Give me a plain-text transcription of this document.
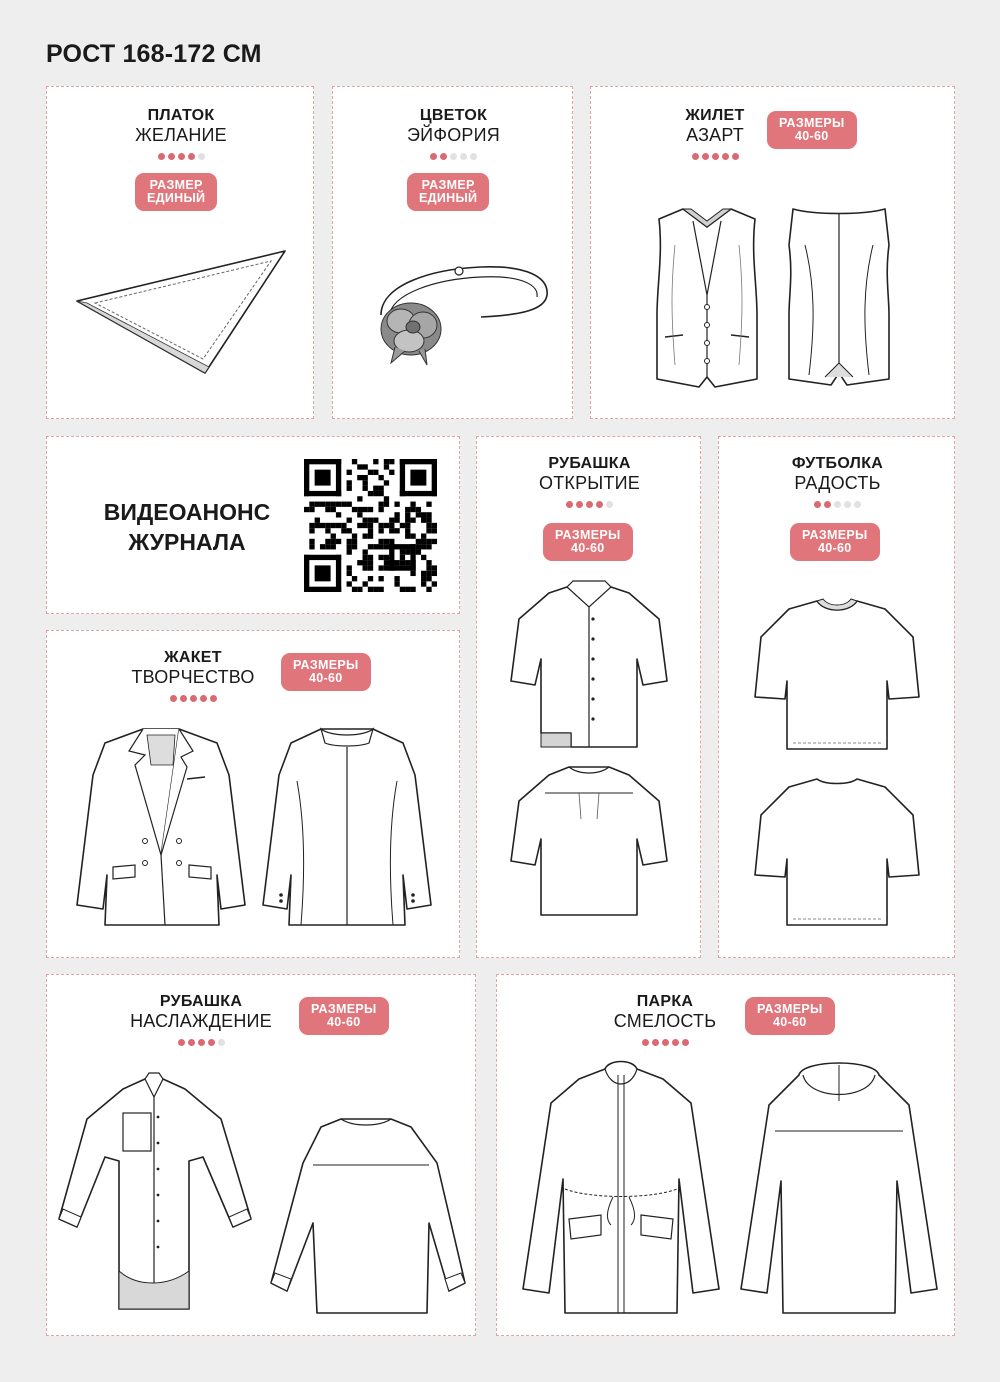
РОСТ 168-172 СМ
ПЛАТОК
ЖЕЛАНИЕ
РАЗМЕР
ЕДИНЫЙ
ЦВЕТОК
ЭЙФОРИЯ
РАЗМЕР
ЕДИНЫЙ
ЖИЛЕТ
АЗАРТ
РАЗМЕРЫ
40-60

ВИДЕОАНОНС
ЖУРНАЛА

РУБАШКА
ОТКРЫТИЕ
РАЗМЕРЫ
40-60
ФУТБОЛКА
РАДОСТЬ
РАЗМЕРЫ
40-60
ЖАКЕТ
ТВОРЧЕСТВО
РАЗМЕРЫ
40-60
РУБАШКА
НАСЛАЖДЕНИЕ
РАЗМЕРЫ
40-60
ПАРКА
СМЕЛОСТЬ
РАЗМЕРЫ
40-60
